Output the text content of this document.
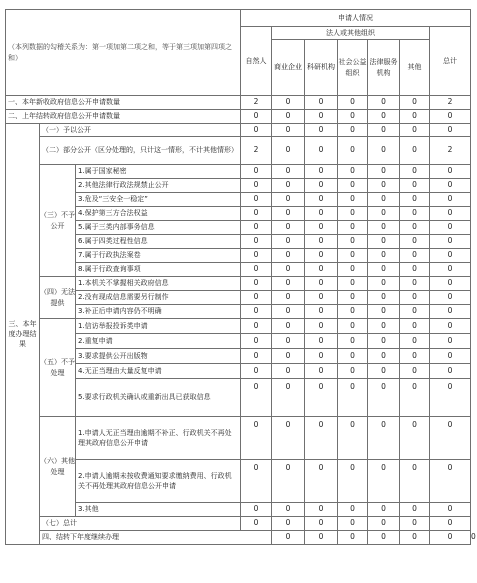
（本列数据的勾稽关系为：第一项加第二项之和，等于第三项加第四项之和）			申请人情况							
			自然人	法人或其他组织					总计	
				商业企业	科研机构	社会公益组织	法律服务机构	其他		
一、本年新收政府信息公开申请数量			2	0	0	0	0	0	2	
二、上年结转政府信息公开申请数量			0	0	0	0	0	0	0	
三、本年度办理结果	（一）予以公开		0	0	0	0	0	0	0	
	（二）部分公开（区分处理的，只计这一情形，不计其他情形）		2	0	0	0	0	0	2	
	（三）不予公开	1.属于国家秘密	0	0	0	0	0	0	0	
		2.其他法律行政法规禁止公开	0	0	0	0	0	0	0	
		3.危及“三安全一稳定”	0	0	0	0	0	0	0	
		4.保护第三方合法权益	0	0	0	0	0	0	0	
		5.属于三类内部事务信息	0	0	0	0	0	0	0	
		6.属于四类过程性信息	0	0	0	0	0	0	0	
		7.属于行政执法案卷	0	0	0	0	0	0	0	
		8.属于行政查询事项	0	0	0	0	0	0	0	
	（四）无法提供	1.本机关不掌握相关政府信息	0	0	0	0	0	0	0	
		2.没有现成信息需要另行制作	0	0	0	0	0	0	0	
		3.补正后申请内容仍不明确	0	0	0	0	0	0	0	
	（五）不予处理	1.信访举报投诉类申请	0	0	0	0	0	0	0	
		2.重复申请	0	0	0	0	0	0	0	
		3.要求提供公开出版物	0	0	0	0	0	0	0	
		4.无正当理由大量反复申请	0	0	0	0	0	0	0	
		5.要求行政机关确认或重新出具已获取信息	0	0	0	0	0	0	0	
	（六）其他处理	1.申请人无正当理由逾期不补正、行政机关不再处理其政府信息公开申请	0	0	0	0	0	0	0	
		2.申请人逾期未按收费通知要求缴纳费用、行政机关不再处理其政府信息公开申请	0	0	0	0	0	0	0	
		3.其他	0	0	0	0	0	0	0	
	（七）总计		0	0	0	0	0	0	0	
	四、结转下年度继续办理			0	0	0	0	0	0	0
